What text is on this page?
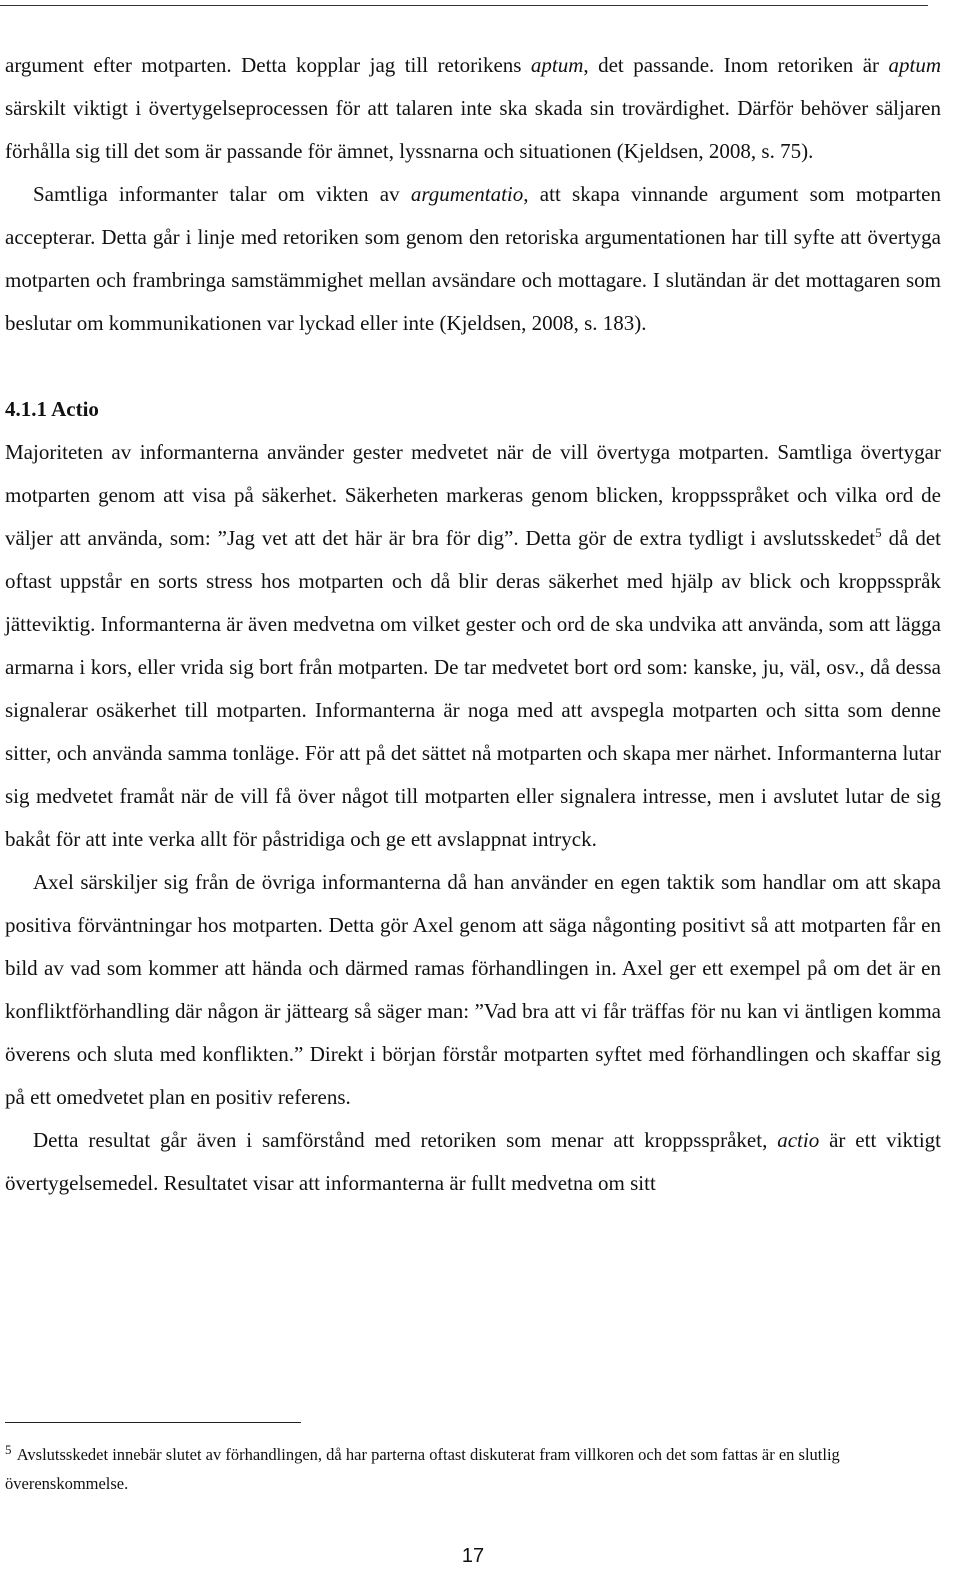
argument efter motparten. Detta kopplar jag till retorikens aptum, det passande. Inom retoriken är aptum särskilt viktigt i övertygelseprocessen för att talaren inte ska skada sin trovärdighet. Därför behöver säljaren förhålla sig till det som är passande för ämnet, lyssnarna och situationen (Kjeldsen, 2008, s. 75).

Samtliga informanter talar om vikten av argumentatio, att skapa vinnande argument som motparten accepterar. Detta går i linje med retoriken som genom den retoriska argumentationen har till syfte att övertyga motparten och frambringa samstämmighet mellan avsändare och mottagare. I slutändan är det mottagaren som beslutar om kommunikationen var lyckad eller inte (Kjeldsen, 2008, s. 183).

4.1.1 Actio

Majoriteten av informanterna använder gester medvetet när de vill övertyga motparten. Samtliga övertygar motparten genom att visa på säkerhet. Säkerheten markeras genom blicken, kroppsspråket och vilka ord de väljer att använda, som: ”Jag vet att det här är bra för dig”. Detta gör de extra tydligt i avslutsskedet$^5$ då det oftast uppstår en sorts stress hos motparten och då blir deras säkerhet med hjälp av blick och kroppsspråk jätteviktig. Informanterna är även medvetna om vilket gester och ord de ska undvika att använda, som att lägga armarna i kors, eller vrida sig bort från motparten. De tar medvetet bort ord som: kanske, ju, väl, osv., då dessa signalerar osäkerhet till motparten. Informanterna är noga med att avspegla motparten och sitta som denne sitter, och använda samma tonläge. För att på det sättet nå motparten och skapa mer närhet. Informanterna lutar sig medvetet framåt när de vill få över något till motparten eller signalera intresse, men i avslutet lutar de sig bakåt för att inte verka allt för påstridiga och ge ett avslappnat intryck.

Axel särskiljer sig från de övriga informanterna då han använder en egen taktik som handlar om att skapa positiva förväntningar hos motparten. Detta gör Axel genom att säga någonting positivt så att motparten får en bild av vad som kommer att hända och därmed ramas förhandlingen in. Axel ger ett exempel på om det är en konfliktförhandling där någon är jättearg så säger man: ”Vad bra att vi får träffas för nu kan vi äntligen komma överens och sluta med konflikten.” Direkt i början förstår motparten syftet med förhandlingen och skaffar sig på ett omedvetet plan en positiv referens.

Detta resultat går även i samförstånd med retoriken som menar att kroppsspråket, actio är ett viktigt övertygelsemedel. Resultatet visar att informanterna är fullt medvetna om sitt

$^5$ Avslutsskedet innebär slutet av förhandlingen, då har parterna oftast diskuterat fram villkoren och det som fattas är en slutlig överenskommelse.
17
